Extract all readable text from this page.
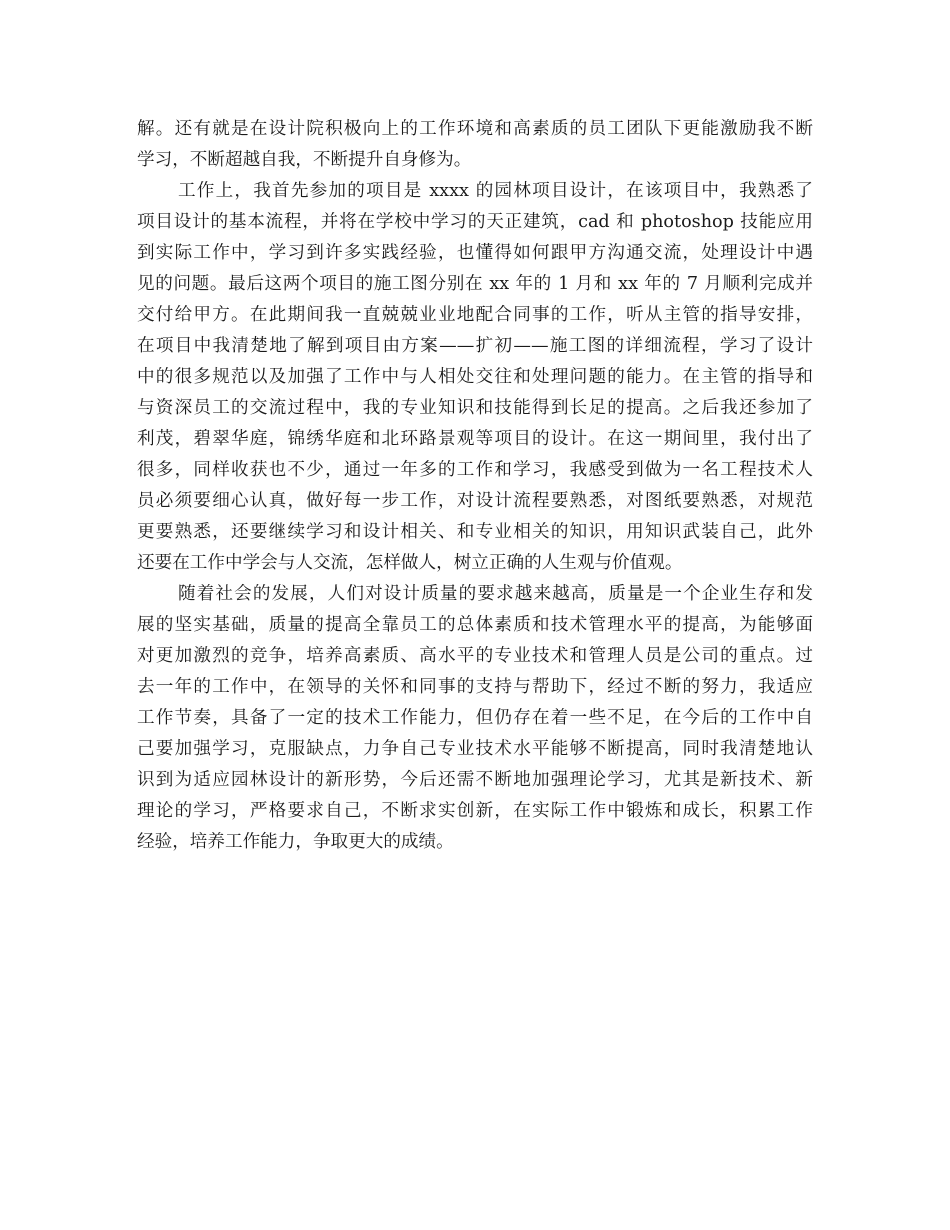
解。还有就是在设计院积极向上的工作环境和高素质的员工团队下更能激励我不断
学习，不断超越自我，不断提升自身修为。
工作上，我首先参加的项目是 xxxx 的园林项目设计，在该项目中，我熟悉了
项目设计的基本流程，并将在学校中学习的天正建筑，cad 和 photoshop 技能应用
到实际工作中，学习到许多实践经验，也懂得如何跟甲方沟通交流，处理设计中遇
见的问题。最后这两个项目的施工图分别在 xx 年的 1 月和 xx 年的 7 月顺利完成并
交付给甲方。在此期间我一直兢兢业业地配合同事的工作，听从主管的指导安排，
在项目中我清楚地了解到项目由方案——扩初——施工图的详细流程，学习了设计
中的很多规范以及加强了工作中与人相处交往和处理问题的能力。在主管的指导和
与资深员工的交流过程中，我的专业知识和技能得到长足的提高。之后我还参加了
利茂，碧翠华庭，锦绣华庭和北环路景观等项目的设计。在这一期间里，我付出了
很多，同样收获也不少，通过一年多的工作和学习，我感受到做为一名工程技术人
员必须要细心认真，做好每一步工作，对设计流程要熟悉，对图纸要熟悉，对规范
更要熟悉，还要继续学习和设计相关、和专业相关的知识，用知识武装自己，此外
还要在工作中学会与人交流，怎样做人，树立正确的人生观与价值观。
随着社会的发展，人们对设计质量的要求越来越高，质量是一个企业生存和发
展的坚实基础，质量的提高全靠员工的总体素质和技术管理水平的提高，为能够面
对更加激烈的竞争，培养高素质、高水平的专业技术和管理人员是公司的重点。过
去一年的工作中，在领导的关怀和同事的支持与帮助下，经过不断的努力，我适应
工作节奏，具备了一定的技术工作能力，但仍存在着一些不足，在今后的工作中自
己要加强学习，克服缺点，力争自己专业技术水平能够不断提高，同时我清楚地认
识到为适应园林设计的新形势，今后还需不断地加强理论学习，尤其是新技术、新
理论的学习，严格要求自己，不断求实创新，在实际工作中锻炼和成长，积累工作
经验，培养工作能力，争取更大的成绩。
